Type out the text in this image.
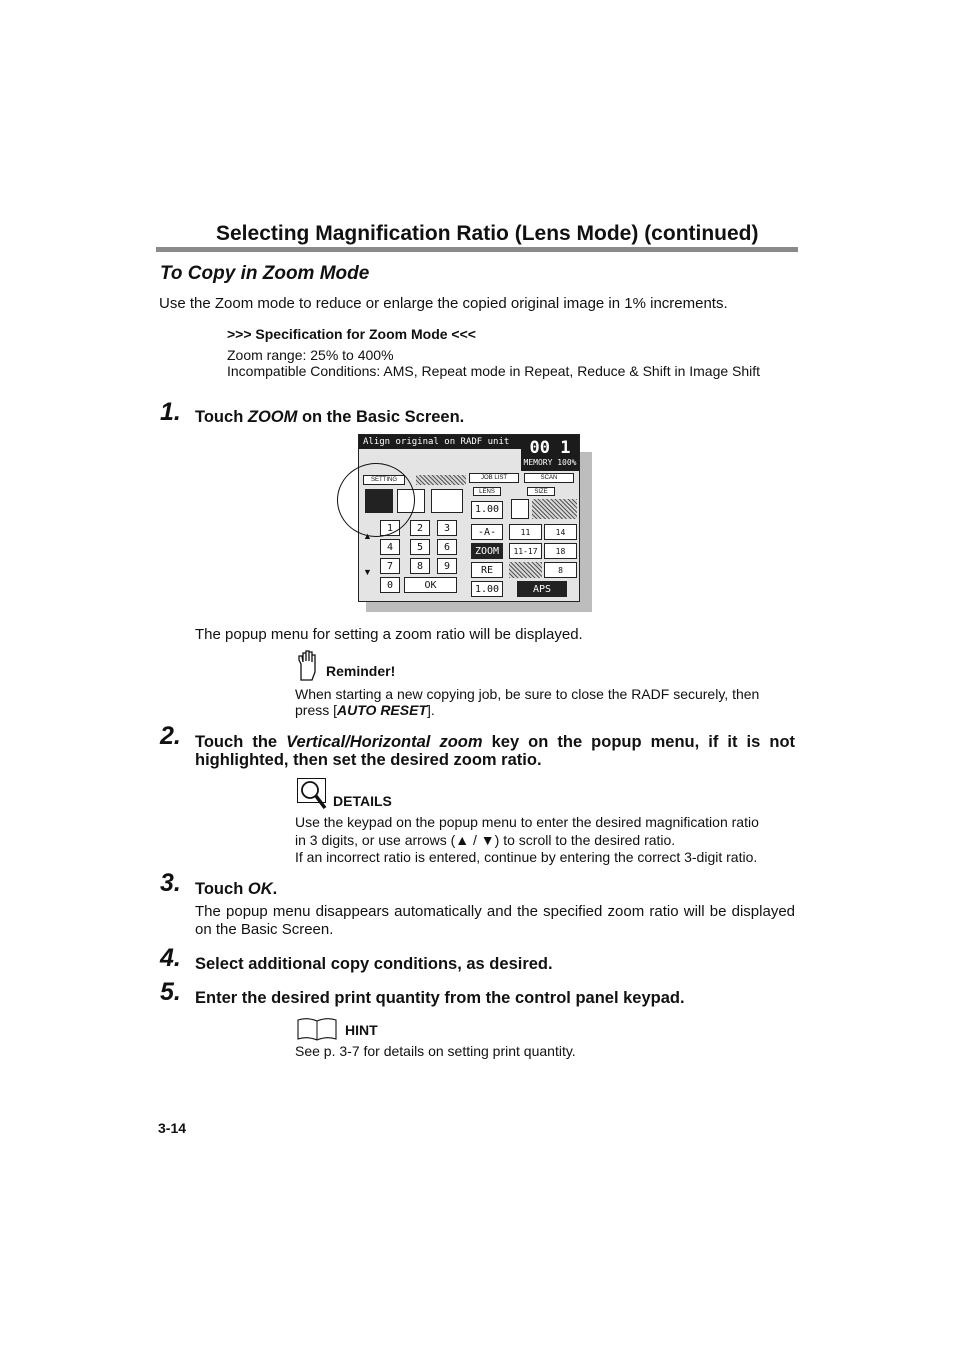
Selecting Magnification Ratio (Lens Mode) (continued)
To Copy in Zoom Mode
Use the Zoom mode to reduce or enlarge the copied original image in 1% increments.
>>> Specification for Zoom Mode <<<
Zoom range: 25% to 400%
Incompatible Conditions: AMS, Repeat mode in Repeat, Reduce & Shift in Image Shift
1. Touch ZOOM on the Basic Screen.
Align original on RADF unit	00 1
MEMORY 100%
SETTING	JOB LIST	SCAN
▲
▼
1	2	3
4	5	6
7	8	9
0	OK
LENS
1.00
-A-
ZOOM
RE
1.00
SIZE
11	14
11-17	18
8
APS
The popup menu for setting a zoom ratio will be displayed.
Reminder!
When starting a new copying job, be sure to close the RADF securely, then press [AUTO RESET].
2. Touch the Vertical/Horizontal zoom key on the popup menu, if it is not highlighted, then set the desired zoom ratio.
DETAILS
Use the keypad on the popup menu to enter the desired magnification ratio
in 3 digits, or use arrows (▲ / ▼) to scroll to the desired ratio.
If an incorrect ratio is entered, continue by entering the correct 3-digit ratio.
3. Touch OK.
The popup menu disappears automatically and the specified zoom ratio will be displayed on the Basic Screen.
4. Select additional copy conditions, as desired.
5. Enter the desired print quantity from the control panel keypad.
HINT
See p. 3-7 for details on setting print quantity.
3-14
